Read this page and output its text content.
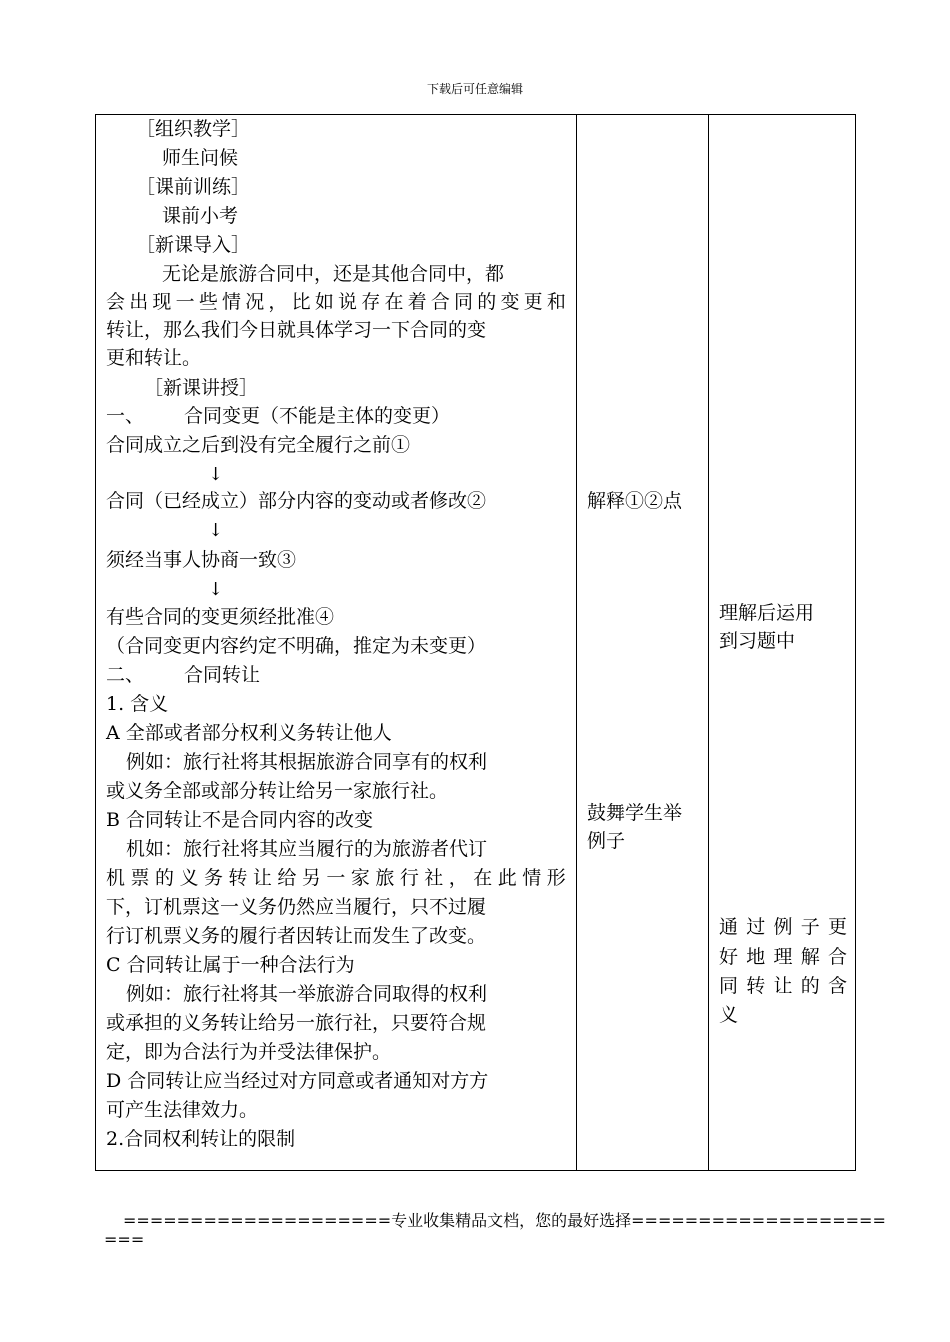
下载后可任意编辑
［组织教学］
师生问候
［课前训练］
课前小考
［新课导入］
无论是旅游合同中，还是其他合同中，都
会 出 现 一 些 情 况 ， 比 如 说 存 在 着 合 同 的 变 更 和
转让，那么我们今日就具体学习一下合同的变
更和转让。
［新课讲授］
一、 合同变更（不能是主体的变更）
合同成立之后到没有完全履行之前①
↓
合同（已经成立）部分内容的变动或者修改②
↓
须经当事人协商一致③
↓
有些合同的变更须经批准④
（合同变更内容约定不明确，推定为未变更）
二、 合同转让
1. 含义
A 全部或者部分权利义务转让他人
例如：旅行社将其根据旅游合同享有的权利
或义务全部或部分转让给另一家旅行社。
B 合同转让不是合同内容的改变
机如：旅行社将其应当履行的为旅游者代订
机 票 的 义 务 转 让 给 另 一 家 旅 行 社 ， 在 此 情 形
下，订机票这一义务仍然应当履行，只不过履
行订机票义务的履行者因转让而发生了改变。
C 合同转让属于一种合法行为
例如：旅行社将其一举旅游合同取得的权利
或承担的义务转让给另一旅行社，只要符合规
定，即为合法行为并受法律保护。
D 合同转让应当经过对方同意或者通知对方方
可产生法律效力。
2.合同权利转让的限制
解释①②点
鼓舞学生举
例子
理解后运用
到习题中
通 过 例 子 更
好 地 理 解 合
同 转 让 的 含
义
====================专业收集精品文档，您的最好选择===================
===
